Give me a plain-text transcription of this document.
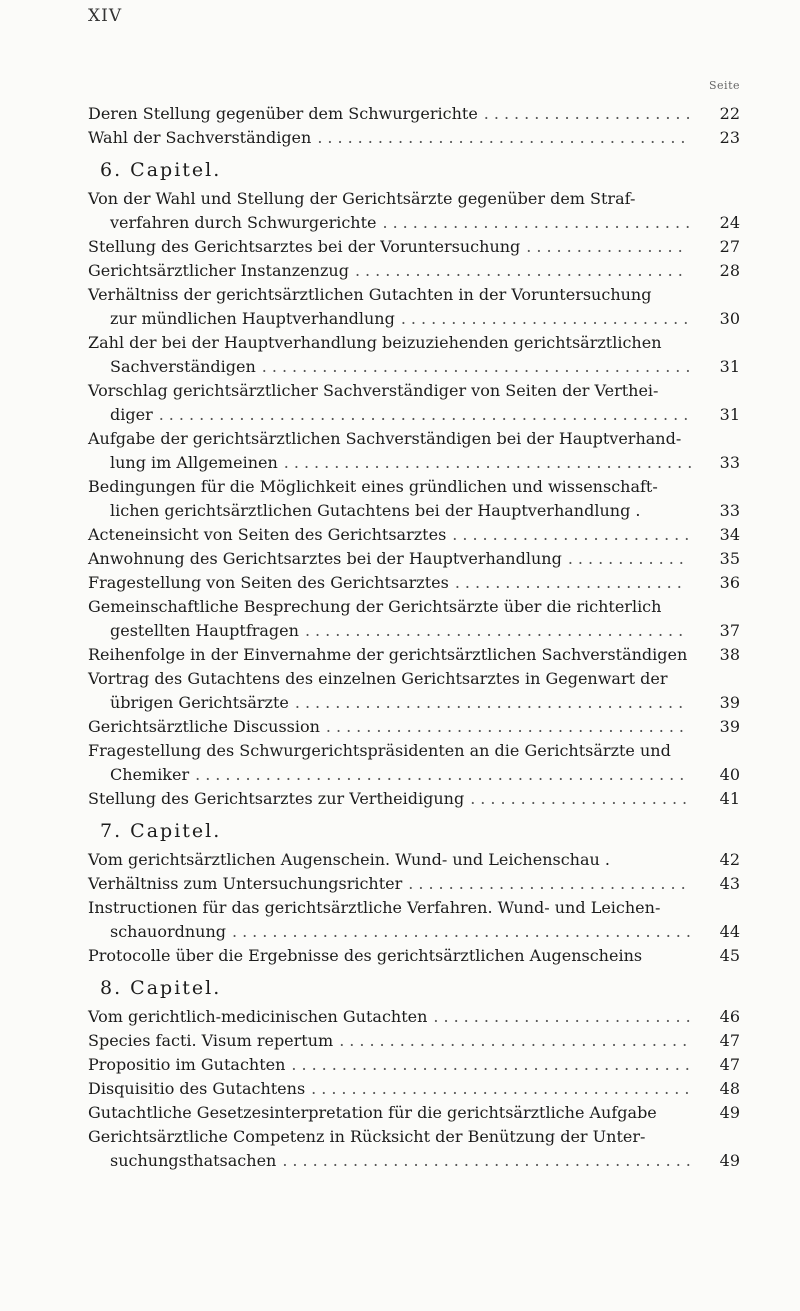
XIV
Seite
Deren Stellung gegenüber dem Schwurgerichte .....................	22
Wahl der Sachverständigen .....................................	23
6. Capitel.
Von der Wahl und Stellung der Gerichtsärzte gegenüber dem Straf-
verfahren durch Schwurgerichte ...............................	24
Stellung des Gerichtsarztes bei der Voruntersuchung ................	27
Gerichtsärztlicher Instanzenzug .................................	28
Verhältniss der gerichtsärztlichen Gutachten in der Voruntersuchung
zur mündlichen Hauptverhandlung .............................	30
Zahl der bei der Hauptverhandlung beizuziehenden gerichtsärztlichen
Sachverständigen ...........................................	31
Vorschlag gerichtsärztlicher Sachverständiger von Seiten der Verthei-
diger .....................................................	31
Aufgabe der gerichtsärztlichen Sachverständigen bei der Hauptverhand-
lung im Allgemeinen .........................................	33
Bedingungen für die Möglichkeit eines gründlichen und wissenschaft-
lichen gerichtsärztlichen Gutachtens bei der Hauptverhandlung .	33
Acteneinsicht von Seiten des Gerichtsarztes ........................	34
Anwohnung des Gerichtsarztes bei der Hauptverhandlung ............	35
Fragestellung von Seiten des Gerichtsarztes .......................	36
Gemeinschaftliche Besprechung der Gerichtsärzte über die richterlich
gestellten Hauptfragen ......................................	37
Reihenfolge in der Einvernahme der gerichtsärztlichen Sachverständigen	38
Vortrag des Gutachtens des einzelnen Gerichtsarztes in Gegenwart der
übrigen Gerichtsärzte .......................................	39
Gerichtsärztliche Discussion ....................................	39
Fragestellung des Schwurgerichtspräsidenten an die Gerichtsärzte und
Chemiker .................................................	40
Stellung des Gerichtsarztes zur Vertheidigung ......................	41
7. Capitel.
Vom gerichtsärztlichen Augenschein. Wund- und Leichenschau .	42
Verhältniss zum Untersuchungsrichter ............................	43
Instructionen für das gerichtsärztliche Verfahren. Wund- und Leichen-
schauordnung ..............................................	44
Protocolle über die Ergebnisse des gerichtsärztlichen Augenscheins	45
8. Capitel.
Vom gerichtlich-medicinischen Gutachten ..........................	46
Species facti. Visum repertum ...................................	47
Propositio im Gutachten ........................................	47
Disquisitio des Gutachtens ......................................	48
Gutachtliche Gesetzesinterpretation für die gerichtsärztliche Aufgabe	49
Gerichtsärztliche Competenz in Rücksicht der Benützung der Unter-
suchungsthatsachen .........................................	49
